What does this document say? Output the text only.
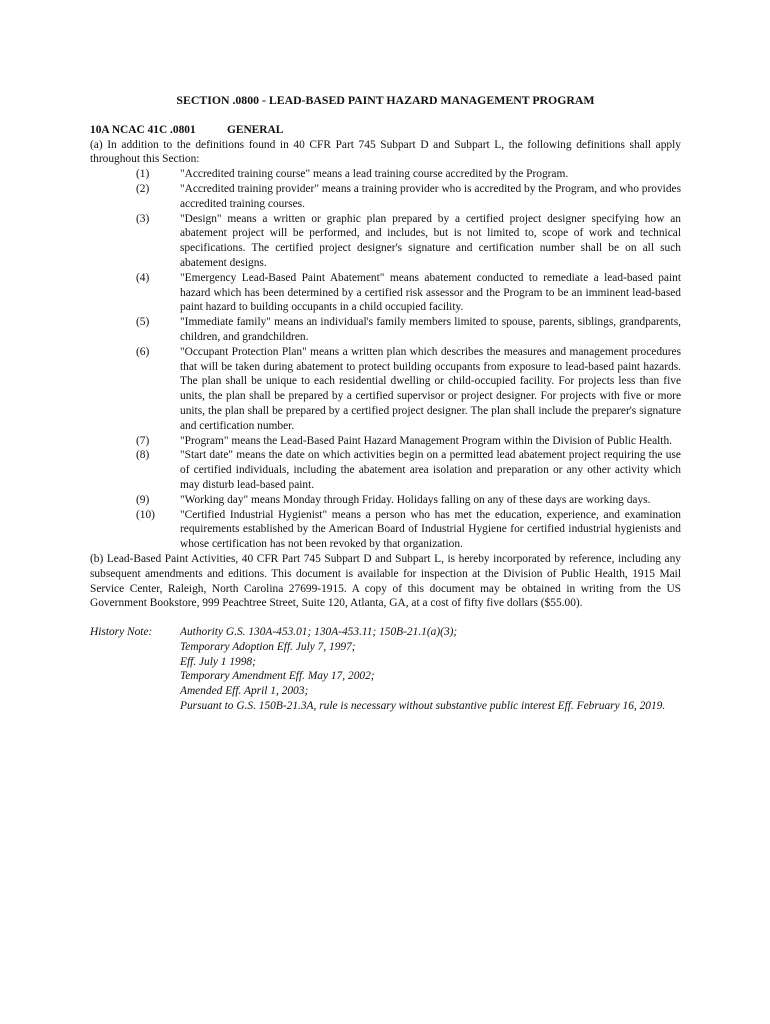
SECTION .0800 - LEAD-BASED PAINT HAZARD MANAGEMENT PROGRAM

10A NCAC 41C .0801	GENERAL

(a) In addition to the definitions found in 40 CFR Part 745 Subpart D and Subpart L, the following definitions shall apply throughout this Section:

(1)	"Accredited training course" means a lead training course accredited by the Program.
(2)	"Accredited training provider" means a training provider who is accredited by the Program, and who provides accredited training courses.
(3)	"Design" means a written or graphic plan prepared by a certified project designer specifying how an abatement project will be performed, and includes, but is not limited to, scope of work and technical specifications. The certified project designer's signature and certification number shall be on all such abatement designs.
(4)	"Emergency Lead-Based Paint Abatement" means abatement conducted to remediate a lead-based paint hazard which has been determined by a certified risk assessor and the Program to be an imminent lead-based paint hazard to building occupants in a child occupied facility.
(5)	"Immediate family" means an individual's family members limited to spouse, parents, siblings, grandparents, children, and grandchildren.
(6)	"Occupant Protection Plan" means a written plan which describes the measures and management procedures that will be taken during abatement to protect building occupants from exposure to lead-based paint hazards. The plan shall be unique to each residential dwelling or child-occupied facility. For projects less than five units, the plan shall be prepared by a certified supervisor or project designer. For projects with five or more units, the plan shall be prepared by a certified project designer. The plan shall include the preparer's signature and certification number.
(7)	"Program" means the Lead-Based Paint Hazard Management Program within the Division of Public Health.
(8)	"Start date" means the date on which activities begin on a permitted lead abatement project requiring the use of certified individuals, including the abatement area isolation and preparation or any other activity which may disturb lead-based paint.
(9)	"Working day" means Monday through Friday. Holidays falling on any of these days are working days.
(10)	"Certified Industrial Hygienist" means a person who has met the education, experience, and examination requirements established by the American Board of Industrial Hygiene for certified industrial hygienists and whose certification has not been revoked by that organization.

(b) Lead-Based Paint Activities, 40 CFR Part 745 Subpart D and Subpart L, is hereby incorporated by reference, including any subsequent amendments and editions. This document is available for inspection at the Division of Public Health, 1915 Mail Service Center, Raleigh, North Carolina 27699-1915. A copy of this document may be obtained in writing from the US Government Bookstore, 999 Peachtree Street, Suite 120, Atlanta, GA, at a cost of fifty five dollars ($55.00).

History Note:	Authority G.S. 130A-453.01; 130A-453.11; 150B-21.1(a)(3);
Temporary Adoption Eff. July 7, 1997;
Eff. July 1 1998;
Temporary Amendment Eff. May 17, 2002;
Amended Eff. April 1, 2003;
Pursuant to G.S. 150B-21.3A, rule is necessary without substantive public interest Eff. February 16, 2019.
